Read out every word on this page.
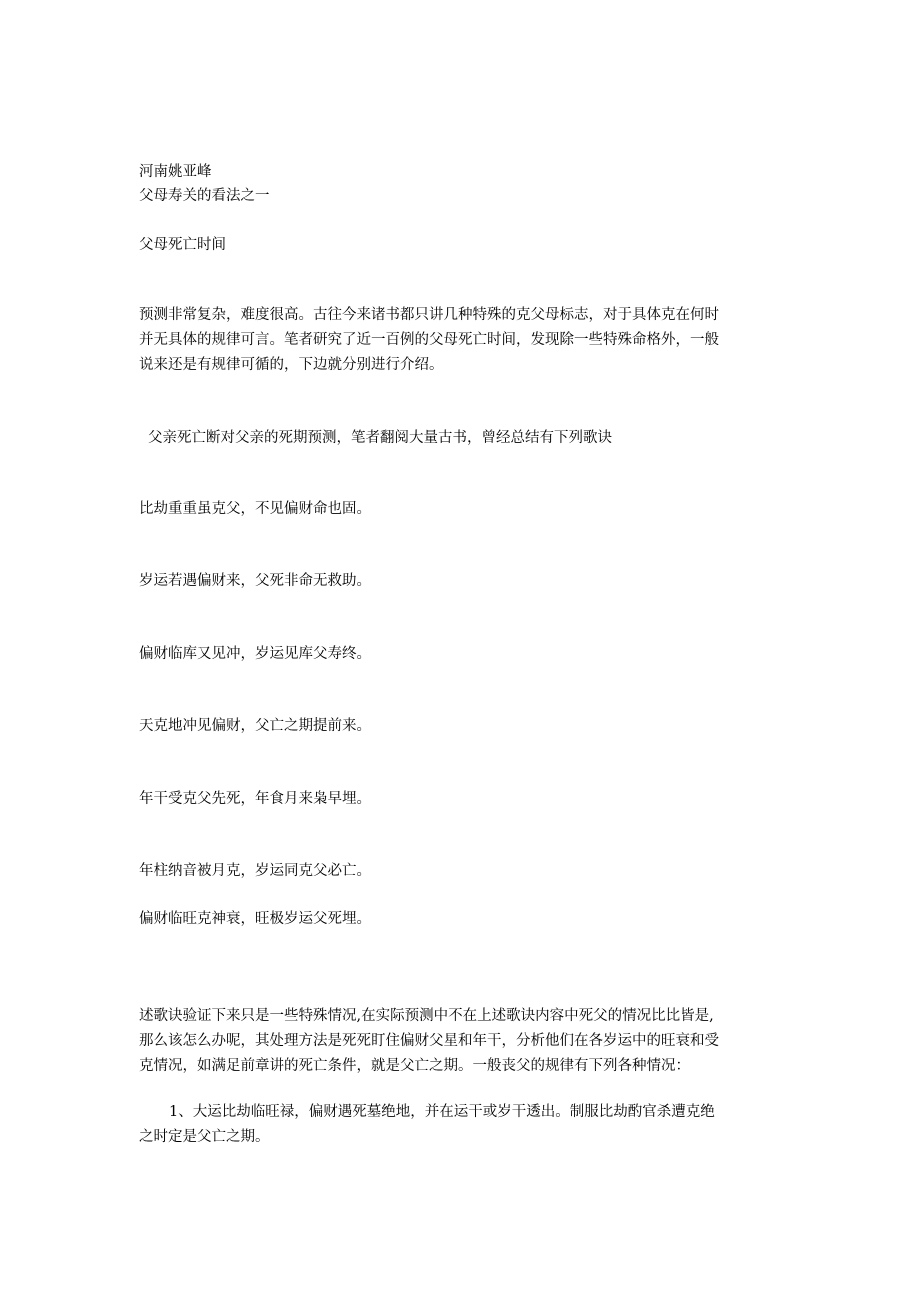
河南姚亚峰
父母寿关的看法之一
父母死亡时间
预测非常复杂，难度很高。古往今来诸书都只讲几种特殊的克父母标志，对于具体克在何时
并无具体的规律可言。笔者研究了近一百例的父母死亡时间，发现除一些特殊命格外，一般
说来还是有规律可循的，下边就分别进行介绍。
父亲死亡断对父亲的死期预测，笔者翻阅大量古书，曾经总结有下列歌诀
比劫重重虽克父，不见偏财命也固。
岁运若遇偏财来，父死非命无救助。
偏财临库又见冲，岁运见库父寿终。
天克地冲见偏财，父亡之期提前来。
年干受克父先死，年食月来枭早埋。
年柱纳音被月克，岁运同克父必亡。
偏财临旺克神衰，旺极岁运父死埋。
述歌诀验证下来只是一些特殊情况,在实际预测中不在上述歌诀内容中死父的情况比比皆是,
那么该怎么办呢，其处理方法是死死盯住偏财父星和年干，分析他们在各岁运中的旺衰和受
克情况，如满足前章讲的死亡条件，就是父亡之期。一般丧父的规律有下列各种情况：
1、大运比劫临旺禄，偏财遇死墓绝地，并在运干或岁干透出。制服比劫酌官杀遭克绝
之时定是父亡之期。
